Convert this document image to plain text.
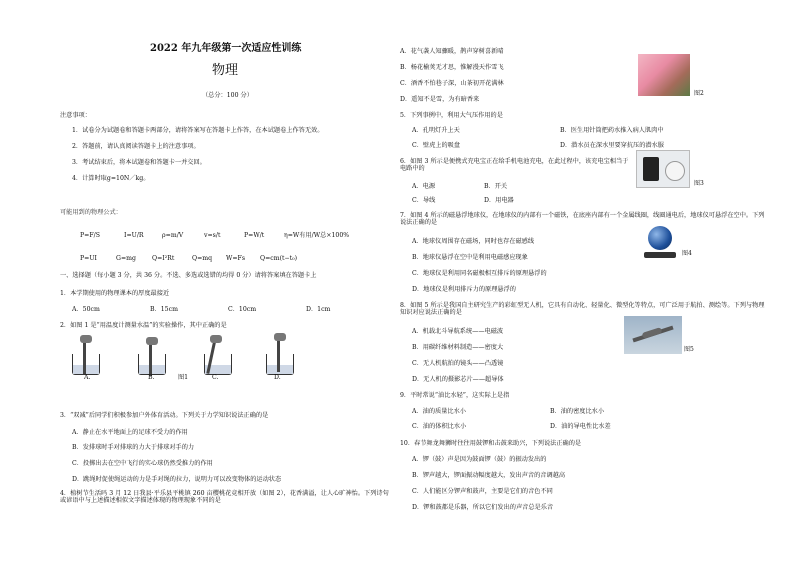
2022 年九年级第一次适应性训练
物理
（总分：100 分）
注意事项：
1．试卷分为试题卷和答题卡两部分，请将答案写在答题卡上作答，在本试题卷上作答无效。
2．答题前，请认真阅读答题卡上的注意事项。
3．考试结束后，将本试题卷和答题卡一并交回。
4．计算时取g=10N／kg。
可能用到的物理公式：
P=F/S	I=U/R	ρ=m/V	v=s/t	P=W/t	η=W有用/W总×100%
P=UI	G=mg	Q=I²Rt	Q=mq W=Fs Q=cm(t−t₀)
一、选择题（每小题 3 分，共 36 分。不选、多选或选错的均得 0 分）请将答案填在答题卡上
1．本学期使用的物理课本的厚度最接近
A．50cm	B．15cm	C．10cm	D．1cm
2．如图 1 是“用温度计测量水温”的实验操作，其中正确的是
A.	B.	C.	D.
图1
3．“双减”后同学们积极参加户外体育活动。下列关于力学知识说法正确的是
A．静止在水平地面上的足球不受力的作用
B．发排球时手对排球的力大于排球对手的力
C．投掷出去在空中飞行的实心球仍然受推力的作用
D．跳绳时促使绳运动的力是手对绳的拉力，说明力可以改变物体的运动状态
4．植树节生活吗 3 月 12 日我县·平乐县平桃镇 260 亩樱桃花竞相开放（如图 2），花香满溢，让人心旷神怡。下列诗句或谚语中与上述描述相似文字描述体现的物理现象不同的是
A．花气袭人知骤暖，鹊声穿树喜新晴
B．杨花榆荚无才思，惟解漫天作雪飞
C．酒香不怕巷子深，山茶初开花满林
D．遥知不是雪，为有暗香来
图2
5．下列事例中，利用大气压作用的是
A．孔明灯升上天	B．医生用针筒把药水推入病人肌肉中
C．壁虎上的吸盘	D．潜水员在深水里要穿抗压的潜水服
6．如图 3 所示是便携式充电宝正在给手机电池充电，在此过程中，该充电宝相当于电路中的
A．电源	B．开关
C．导线	D．用电器
图3
7．如图 4 所示的磁悬浮地球仪，在地球仪的内部有一个磁铁，在底座内部有一个金属线圈，线圈通电后，地球仪可悬浮在空中。下列说法正确的是
A．地球仪周围存在磁场，同时也存在磁感线
B．地球仪悬浮在空中是利用电磁感应现象
C．地球仪是利用同名磁极相互排斥的原理悬浮的
D．地球仪是利用排斥力的原理悬浮的
图4
8．如图 5 所示是我国自主研究生产的彩虹型无人机，它具有自动化、轻量化、微型化等特点，可广泛用于航拍、测绘等。下列与物理知识对应说法正确的是
A．机载北斗导航系统——电磁波
B．用碳纤维材料制造——密度大
C．无人机航拍的镜头——凸透镜
D．无人机的摄影芯片——超导体
图5
9．平时常说“油比水轻”，这实际上是指
A．油的质量比水小	B．油的密度比水小
C．油的体积比水小	D．油的导电性比水差
10．春节舞龙舞狮时往往用鼓锣和击鼓来助兴，下列说法正确的是
A．锣（鼓）声是因为鼓面锣（鼓）的振动发出的
B．锣声越大，锣面振动幅度越大，发出声音的音调越高
C．人们能区分锣声和鼓声，主要是它们的音色不同
D．锣和鼓都是乐器，所以它们发出的声音总是乐音
